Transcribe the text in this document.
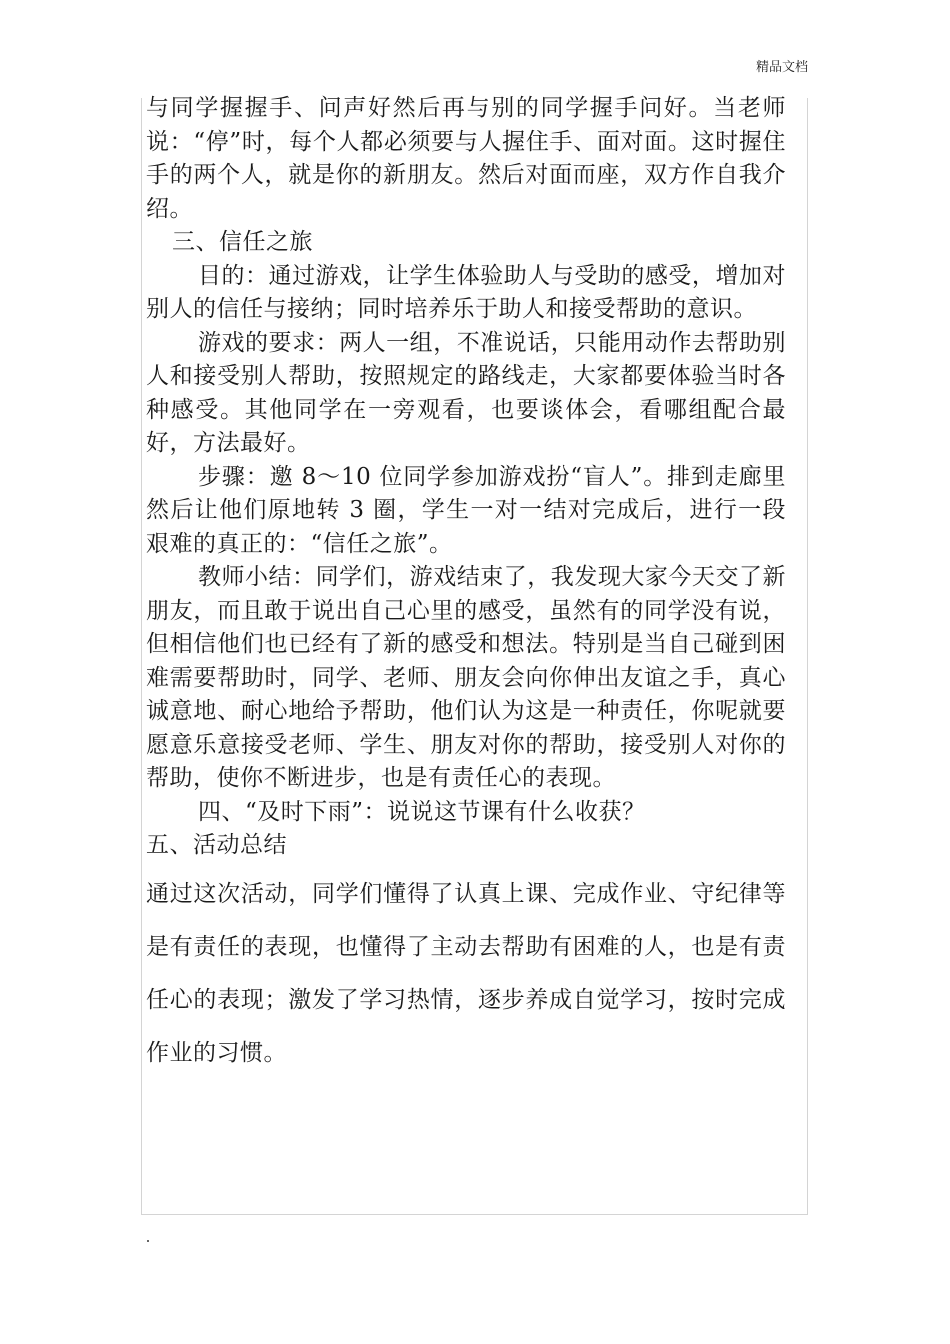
精品文档

与同学握握手、问声好然后再与别的同学握手问好。当老师说：“停”时，每个人都必须要与人握住手、面对面。这时握住手的两个人，就是你的新朋友。然后对面而座，双方作自我介绍。

三、信任之旅

目的：通过游戏，让学生体验助人与受助的感受，增加对别人的信任与接纳；同时培养乐于助人和接受帮助的意识。

游戏的要求：两人一组，不准说话，只能用动作去帮助别人和接受别人帮助，按照规定的路线走，大家都要体验当时各种感受。其他同学在一旁观看，也要谈体会，看哪组配合最好，方法最好。

步骤：邀 8～10 位同学参加游戏扮“盲人”。排到走廊里然后让他们原地转 3 圈，学生一对一结对完成后，进行一段艰难的真正的：“信任之旅”。

教师小结：同学们，游戏结束了，我发现大家今天交了新朋友，而且敢于说出自己心里的感受，虽然有的同学没有说，但相信他们也已经有了新的感受和想法。特别是当自己碰到困难需要帮助时，同学、老师、朋友会向你伸出友谊之手，真心诚意地、耐心地给予帮助，他们认为这是一种责任，你呢就要愿意乐意接受老师、学生、朋友对你的帮助，接受别人对你的帮助，使你不断进步，也是有责任心的表现。

四、“及时下雨”：说说这节课有什么收获？

五、活动总结

通过这次活动，同学们懂得了认真上课、完成作业、守纪律等是有责任的表现，也懂得了主动去帮助有困难的人，也是有责任心的表现；激发了学习热情，逐步养成自觉学习，按时完成作业的习惯。
